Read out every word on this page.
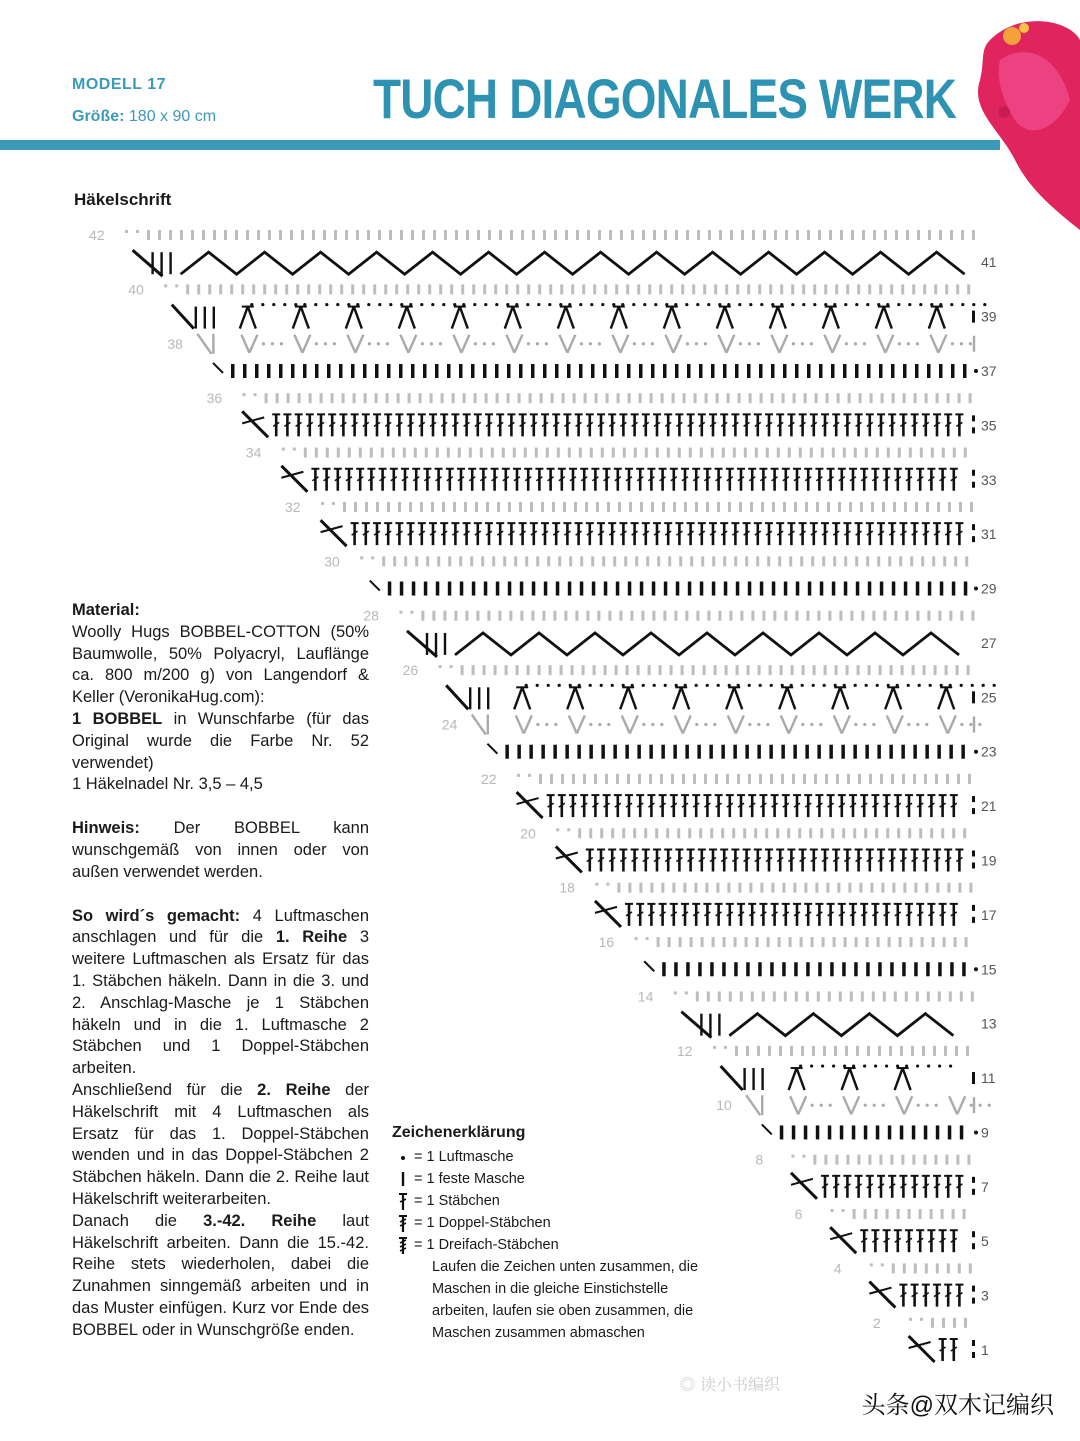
MODELL 17
Größe: 180 x 90 cm	TUCH DIAGONALES WERK
Häkelschrift
42
40
38
36
34
32
30
28
26
24
22
20
18
16
14
12
10
8
6
4
2
41
39
37
35
33
31
29
27
25
23
21
19
17
15
13
11
9
7
5
3
1

Material:

Woolly Hugs BOBBEL-COTTON (50% Baumwolle, 50% Polyacryl, Lauflänge ca. 800 m/200 g) von Langendorf & Keller (VeronikaHug.com):

1 BOBBEL in Wunschfarbe (für das Original wurde die Farbe Nr. 52 verwendet)

1 Häkelnadel Nr. 3,5 – 4,5

Hinweis: Der BOBBEL kann wunschgemäß von innen oder von außen verwendet werden.

So wird´s gemacht: 4 Luftmaschen anschlagen und für die 1. Reihe 3 weitere Luftmaschen als Ersatz für das 1. Stäbchen häkeln. Dann in die 3. und 2. Anschlag-Masche je 1 Stäbchen häkeln und in die 1. Luftmasche 2 Stäbchen und 1 Doppel-Stäbchen arbeiten.

Anschließend für die 2. Reihe der Häkelschrift mit 4 Luftmaschen als Ersatz für das 1. Doppel-Stäbchen wenden und in das Doppel-Stäbchen 2 Stäbchen häkeln. Dann die 2. Reihe laut Häkelschrift weiterarbeiten.

Danach die 3.-42. Reihe laut Häkelschrift arbeiten. Dann die 15.-42. Reihe stets wiederholen, dabei die Zunahmen sinngemäß arbeiten und in das Muster einfügen. Kurz vor Ende des BOBBEL oder in Wunschgröße enden.

Zeichenerklärung
= 1 Luftmasche
= 1 feste Masche
= 1 Stäbchen
= 1 Doppel-Stäbchen
= 1 Dreifach-Stäbchen
Laufen die Zeichen unten zusammen, die Maschen in die gleiche Einstichstelle arbeiten, laufen sie oben zusammen, die Maschen zusammen abmaschen
◎ 读小书编织
头条@双木记编织
